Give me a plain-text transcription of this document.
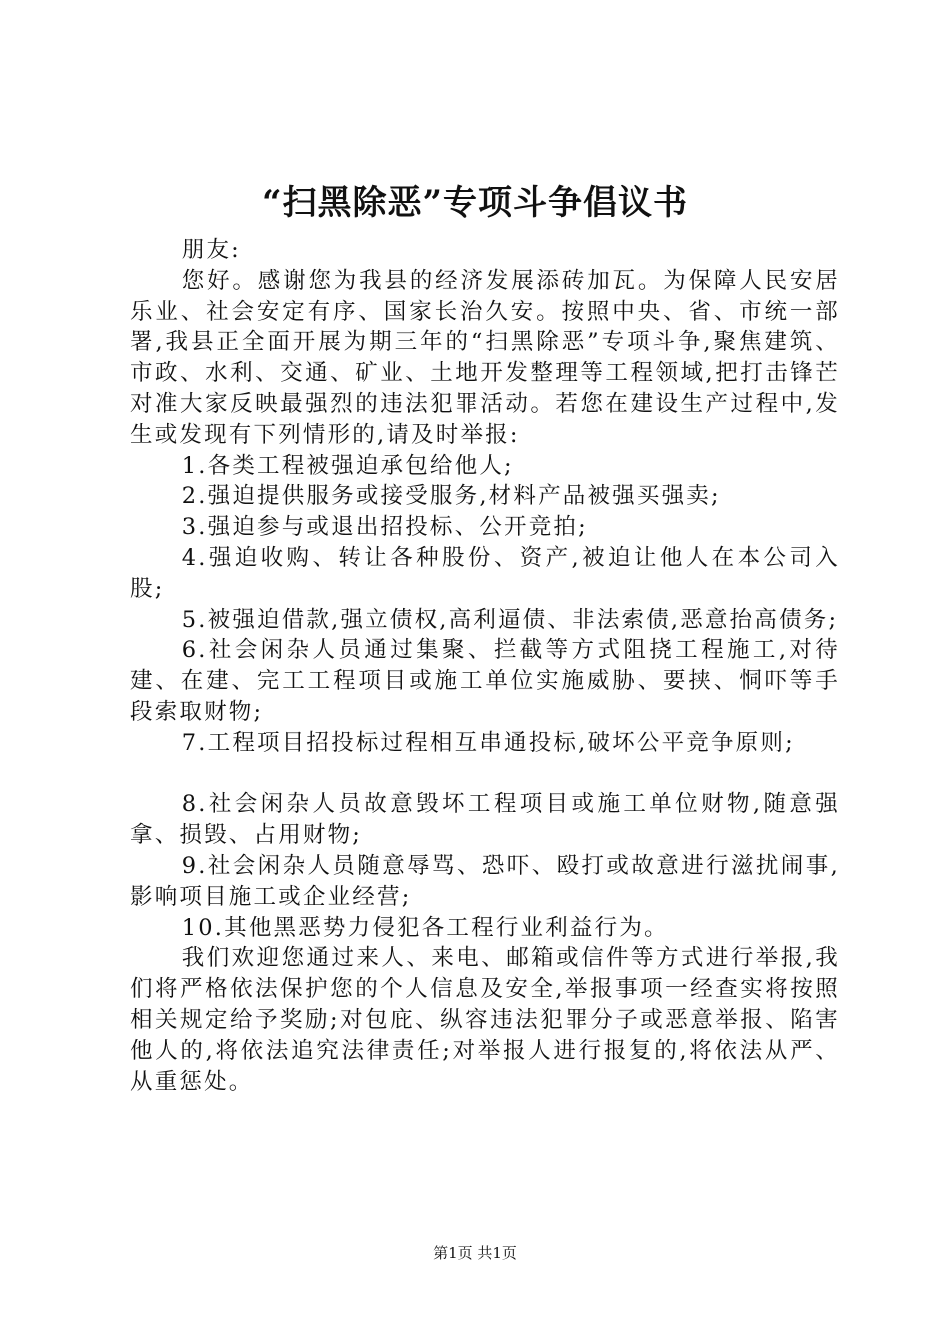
“扫黑除恶”专项斗争倡议书

朋友:

您好。感谢您为我县的经济发展添砖加瓦。为保障人民安居乐业、社会安定有序、国家长治久安。按照中央、省、市统一部署,我县正全面开展为期三年的“扫黑除恶”专项斗争,聚焦建筑、市政、水利、交通、矿业、土地开发整理等工程领域,把打击锋芒对准大家反映最强烈的违法犯罪活动。若您在建设生产过程中,发生或发现有下列情形的,请及时举报:

1.各类工程被强迫承包给他人;

2.强迫提供服务或接受服务,材料产品被强买强卖;

3.强迫参与或退出招投标、公开竞拍;

4.强迫收购、转让各种股份、资产,被迫让他人在本公司入股;

5.被强迫借款,强立债权,高利逼债、非法索债,恶意抬高债务;

6.社会闲杂人员通过集聚、拦截等方式阻挠工程施工,对待建、在建、完工工程项目或施工单位实施威胁、要挟、恫吓等手段索取财物;

7.工程项目招投标过程相互串通投标,破坏公平竞争原则;

8.社会闲杂人员故意毁坏工程项目或施工单位财物,随意强拿、损毁、占用财物;

9.社会闲杂人员随意辱骂、恐吓、殴打或故意进行滋扰闹事,影响项目施工或企业经营;

10.其他黑恶势力侵犯各工程行业利益行为。

我们欢迎您通过来人、来电、邮箱或信件等方式进行举报,我们将严格依法保护您的个人信息及安全,举报事项一经查实将按照相关规定给予奖励;对包庇、纵容违法犯罪分子或恶意举报、陷害他人的,将依法追究法律责任;对举报人进行报复的,将依法从严、从重惩处。

第1页 共1页
